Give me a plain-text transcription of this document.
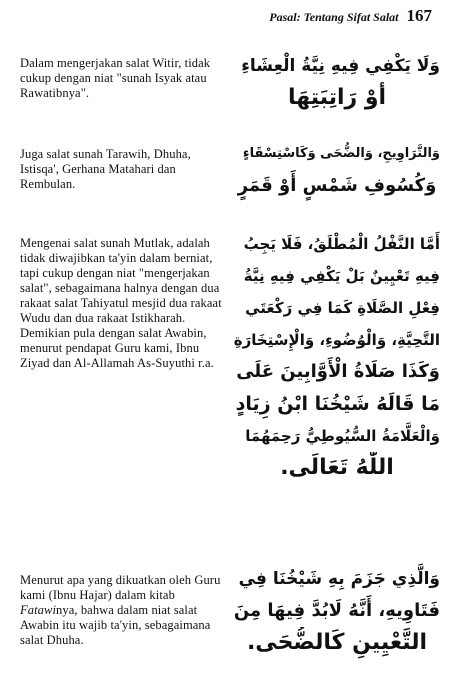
Pasal: Tentang Sifat Salat 167
Dalam mengerjakan salat Witir, tidak cukup dengan niat "sunah Isyak atau Rawatibnya".
وَلَا يَكْفِي فِيهِ نِيَّةُ الْعِشَاءِ
أَوْ رَاتِبَتِهَا
Juga salat sunah Tarawih, Dhuha, Istisqa', Gerhana Matahari dan Rembulan.
وَالتَّرَاوِيحِ، وَالضُّحَى وَكَاسْتِسْقَاءٍ
وَكُسُوفِ شَمْسٍ أَوْ قَمَرٍ
Mengenai salat sunah Mutlak, adalah tidak diwajibkan ta'yin dalam berniat, tapi cukup dengan niat "mengerjakan salat", sebagaimana halnya dengan dua rakaat salat Tahiyatul mesjid dua rakaat Wudu dan dua rakaat Istikharah. Demikian pula dengan salat Awabin, menurut pendapat Guru kami, Ibnu Ziyad dan Al-Allamah As-Suyuthi r.a.
أَمَّا النَّفْلُ الْمُطْلَقُ، فَلَا يَجِبُ
فِيهِ تَعْيِينٌ بَلْ يَكْفِي فِيهِ نِيَّةُ
فِعْلِ الصَّلَاةِ كَمَا فِي رَكْعَتَي
التَّحِيَّةِ، وَالْوُضُوءِ، وَالْإِسْتِخَارَةِ
وَكَذَا صَلَاةُ الْأَوَّابِينَ عَلَى
مَا قَالَهُ شَيْخُنَا ابْنُ زِيَادٍ
وَالْعَلَّامَةُ السُّيُوطِيُّ رَحِمَهُمَا
اللّٰهُ تَعَالَى.
Menurut apa yang dikuatkan oleh Guru kami (Ibnu Hajar) dalam kitab Fatawinya, bahwa dalam niat salat Awabin itu wajib ta'yin, sebagaimana salat Dhuha.
وَالَّذِي جَزَمَ بِهِ شَيْخُنَا فِي
فَتَاوِيهِ، أَنَّهُ لَابُدَّ فِيهَا مِنَ
التَّعْيِينِ كَالضُّحَى.
